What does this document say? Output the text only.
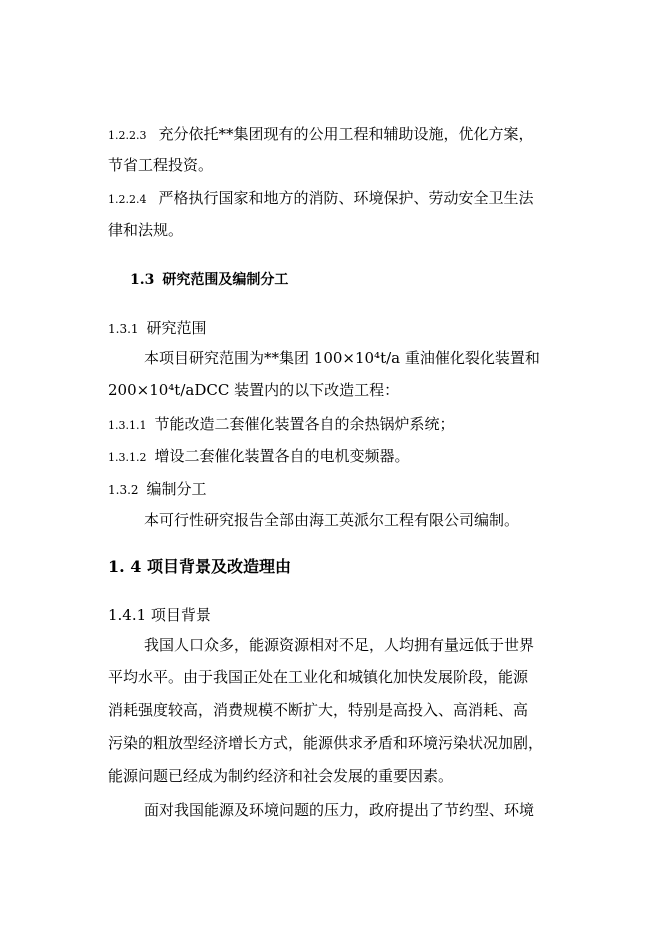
1.2.2.3 充分依托**集团现有的公用工程和辅助设施，优化方案，
节省工程投资。
1.2.2.4 严格执行国家和地方的消防、环境保护、劳动安全卫生法
律和法规。
1.3 研究范围及编制分工
1.3.1 研究范围
本项目研究范围为**集团 100×10⁴t/a 重油催化裂化装置和
200×10⁴t/aDCC 装置内的以下改造工程：
1.3.1.1 节能改造二套催化装置各自的余热锅炉系统；
1.3.1.2 增设二套催化装置各自的电机变频器。
1.3.2 编制分工
本可行性研究报告全部由海工英派尔工程有限公司编制。
1. 4 项目背景及改造理由
1.4.1 项目背景
我国人口众多，能源资源相对不足，人均拥有量远低于世界
平均水平。由于我国正处在工业化和城镇化加快发展阶段，能源
消耗强度较高，消费规模不断扩大，特别是高投入、高消耗、高
污染的粗放型经济增长方式，能源供求矛盾和环境污染状况加剧，
能源问题已经成为制约经济和社会发展的重要因素。
面对我国能源及环境问题的压力，政府提出了节约型、环境
